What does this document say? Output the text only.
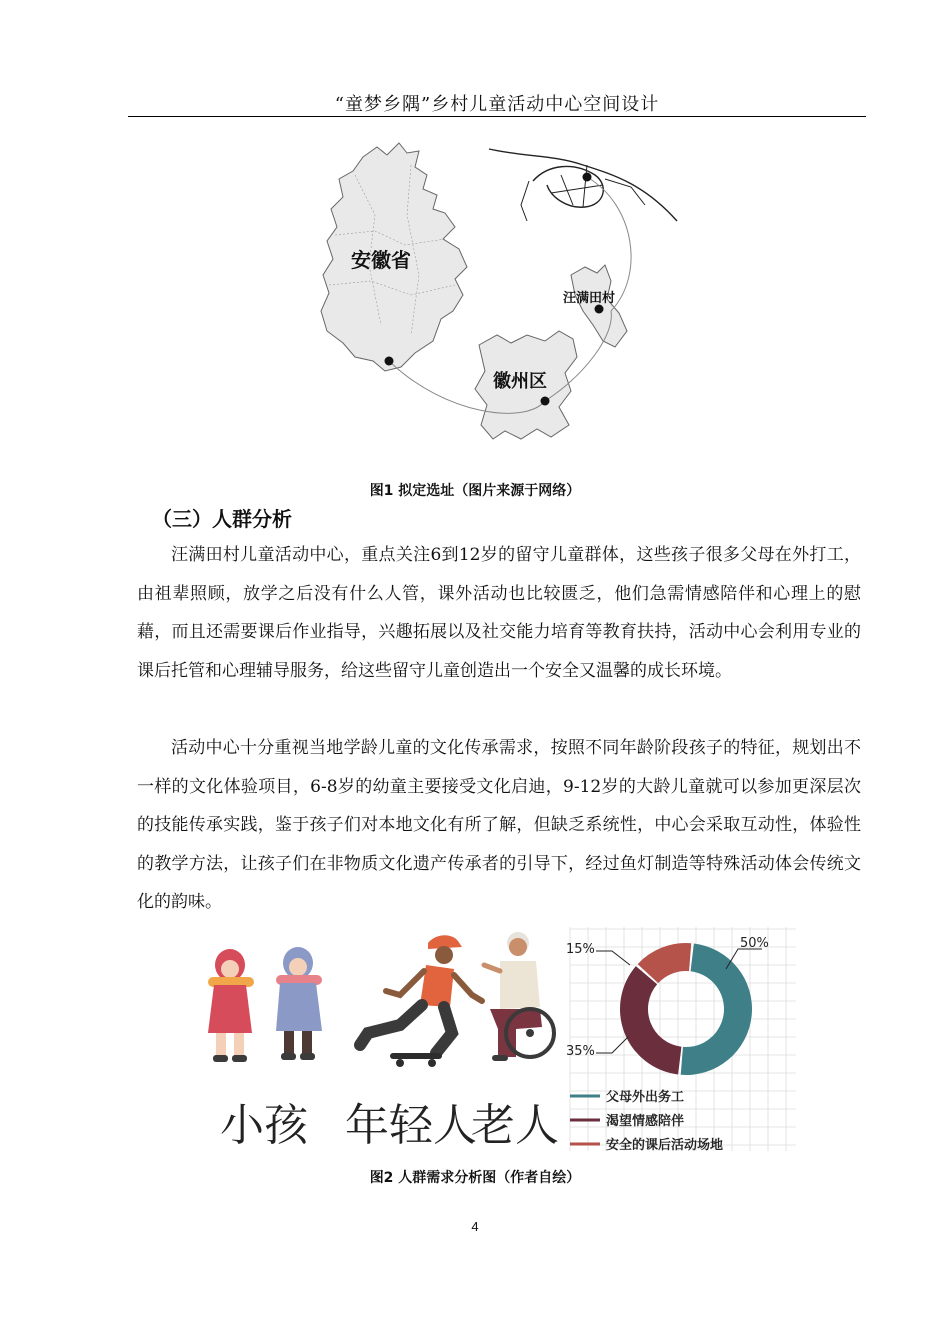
“童梦乡隅”乡村儿童活动中心空间设计
安徽省
徽州区
汪满田村
图1 拟定选址（图片来源于网络）
（三）人群分析

汪满田村儿童活动中心，重点关注6到12岁的留守儿童群体，这些孩子很多父母在外打工，由祖辈照顾，放学之后没有什么人管，课外活动也比较匮乏，他们急需情感陪伴和心理上的慰藉，而且还需要课后作业指导，兴趣拓展以及社交能力培育等教育扶持，活动中心会利用专业的课后托管和心理辅导服务，给这些留守儿童创造出一个安全又温馨的成长环境。

活动中心十分重视当地学龄儿童的文化传承需求，按照不同年龄阶段孩子的特征，规划出不一样的文化体验项目，6-8岁的幼童主要接受文化启迪，9-12岁的大龄儿童就可以参加更深层次的技能传承实践，鉴于孩子们对本地文化有所了解，但缺乏系统性，中心会采取互动性，体验性的教学方法，让孩子们在非物质文化遗产传承者的引导下，经过鱼灯制造等特殊活动体会传统文化的韵味。

小孩 年轻人
老人
50%
35%
15%
父母外出务工
渴望情感陪伴
安全的课后活动场地
图2 人群需求分析图（作者自绘）
4
